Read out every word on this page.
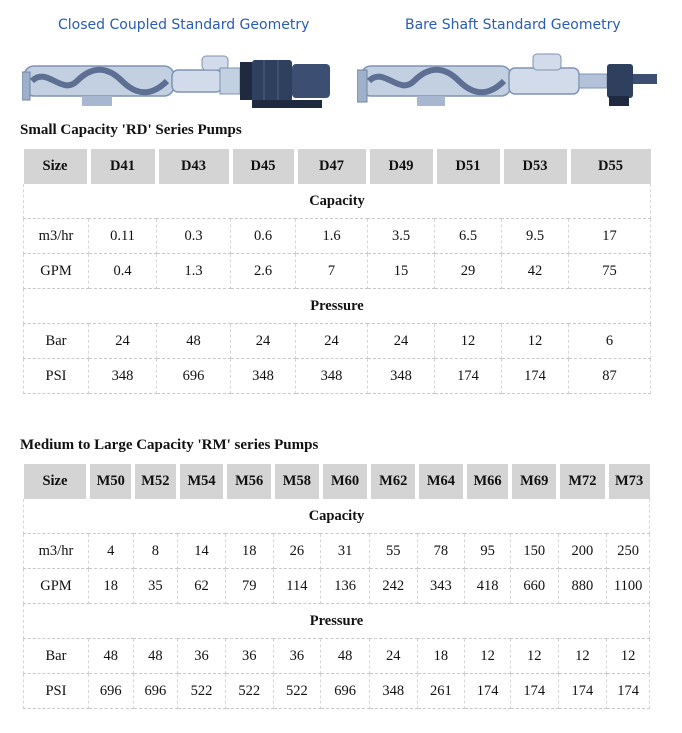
Closed Coupled Standard Geometry	Bare Shaft Standard Geometry
Small Capacity 'RD' Series Pumps
Size	D41	D43	D45	D47	D49	D51	D53	D55
Capacity								
m3/hr	0.11	0.3	0.6	1.6	3.5	6.5	9.5	17
GPM	0.4	1.3	2.6	7	15	29	42	75
Pressure								
Bar	24	48	24	24	24	12	12	6
PSI	348	696	348	348	348	174	174	87
Medium to Large Capacity 'RM' series Pumps
Size	M50	M52	M54	M56	M58	M60	M62	M64	M66	M69	M72	M73
Capacity												
m3/hr	4	8	14	18	26	31	55	78	95	150	200	250
GPM	18	35	62	79	114	136	242	343	418	660	880	1100
Pressure												
Bar	48	48	36	36	36	48	24	18	12	12	12	12
PSI	696	696	522	522	522	696	348	261	174	174	174	174
